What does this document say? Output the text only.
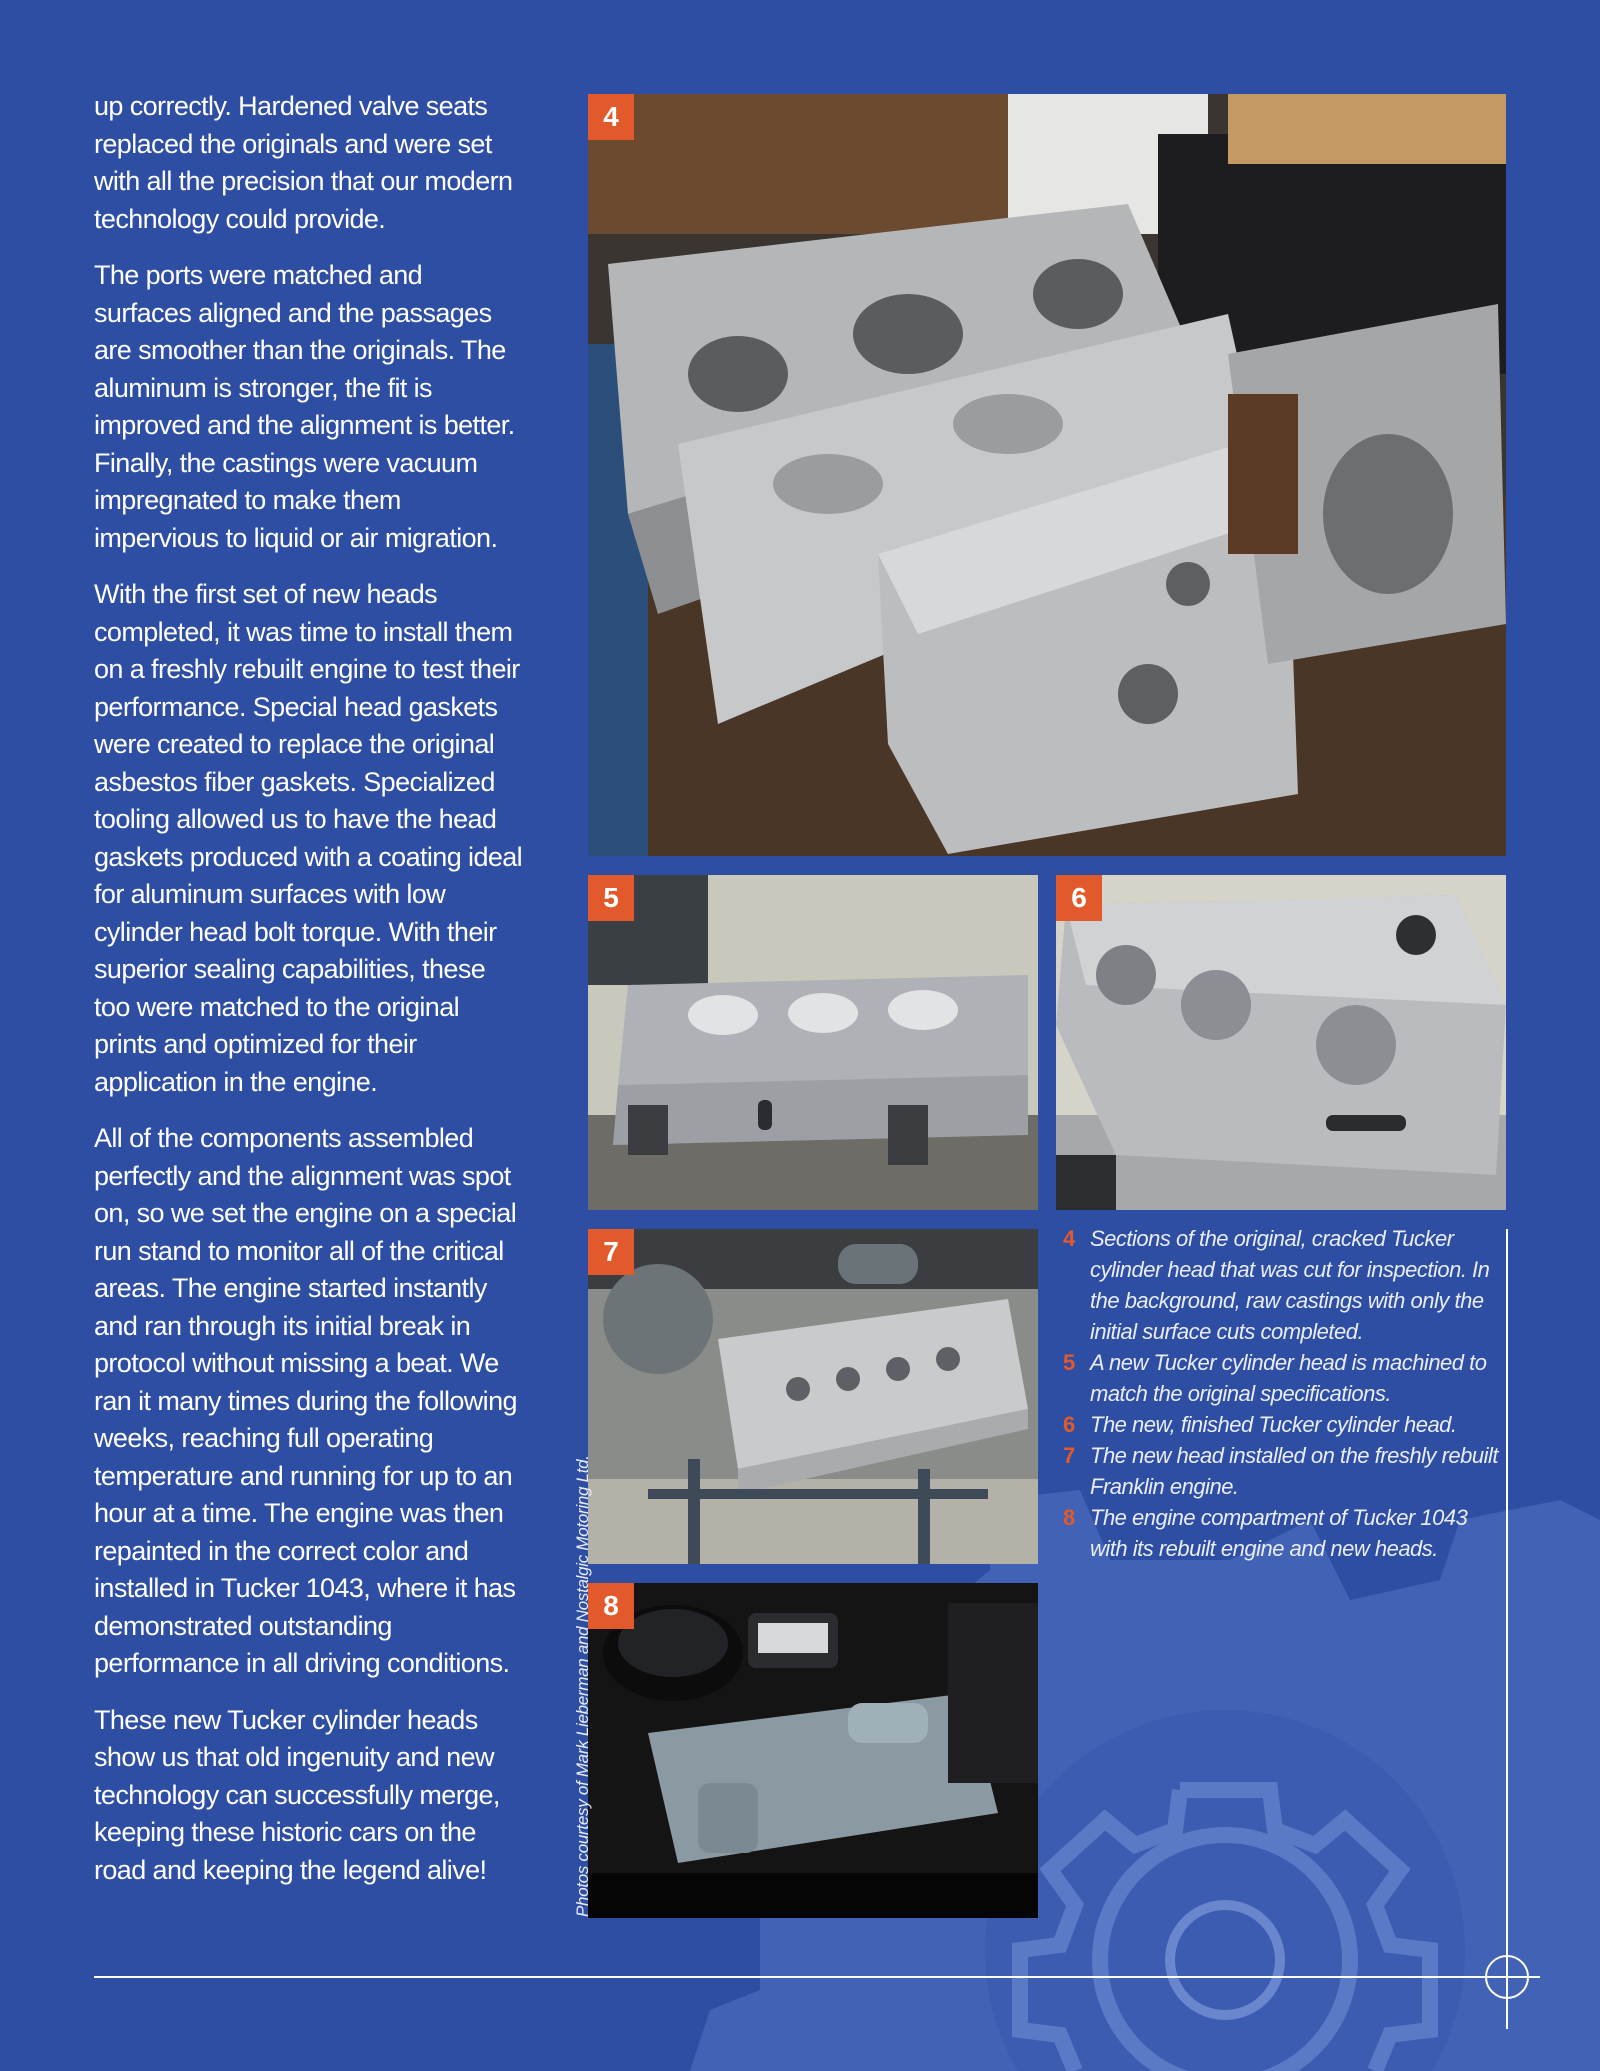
up correctly. Hardened valve seats replaced the originals and were set with all the precision that our modern technology could provide.

The ports were matched and surfaces aligned and the passages are smoother than the originals. The aluminum is stronger, the fit is improved and the alignment is better. Finally, the castings were vacuum impregnated to make them impervious to liquid or air migration.

With the first set of new heads completed, it was time to install them on a freshly rebuilt engine to test their performance. Special head gaskets were created to replace the original asbestos fiber gaskets. Specialized tooling allowed us to have the head gaskets produced with a coating ideal for aluminum surfaces with low cylinder head bolt torque. With their superior sealing capabilities, these too were matched to the original prints and optimized for their application in the engine.

All of the components assembled perfectly and the alignment was spot on, so we set the engine on a special run stand to monitor all of the critical areas. The engine started instantly and ran through its initial break in protocol without missing a beat. We ran it many times during the following weeks, reaching full operating temperature and running for up to an hour at a time. The engine was then repainted in the correct color and installed in Tucker 1043, where it has demonstrated outstanding performance in all driving conditions.

These new Tucker cylinder heads show us that old ingenuity and new technology can successfully merge, keeping these historic cars on the road and keeping the legend alive!

4
5	6
7
8
Photos courtesy of Mark Lieberman and Nostalgic Motoring Ltd.
4 Sections of the original, cracked Tucker cylinder head that was cut for inspection. In the background, raw castings with only the initial surface cuts completed.
5 A new Tucker cylinder head is machined to match the original specifications.
6 The new, finished Tucker cylinder head.
7 The new head installed on the freshly rebuilt Franklin engine.
8 The engine compartment of Tucker 1043 with its rebuilt engine and new heads.
